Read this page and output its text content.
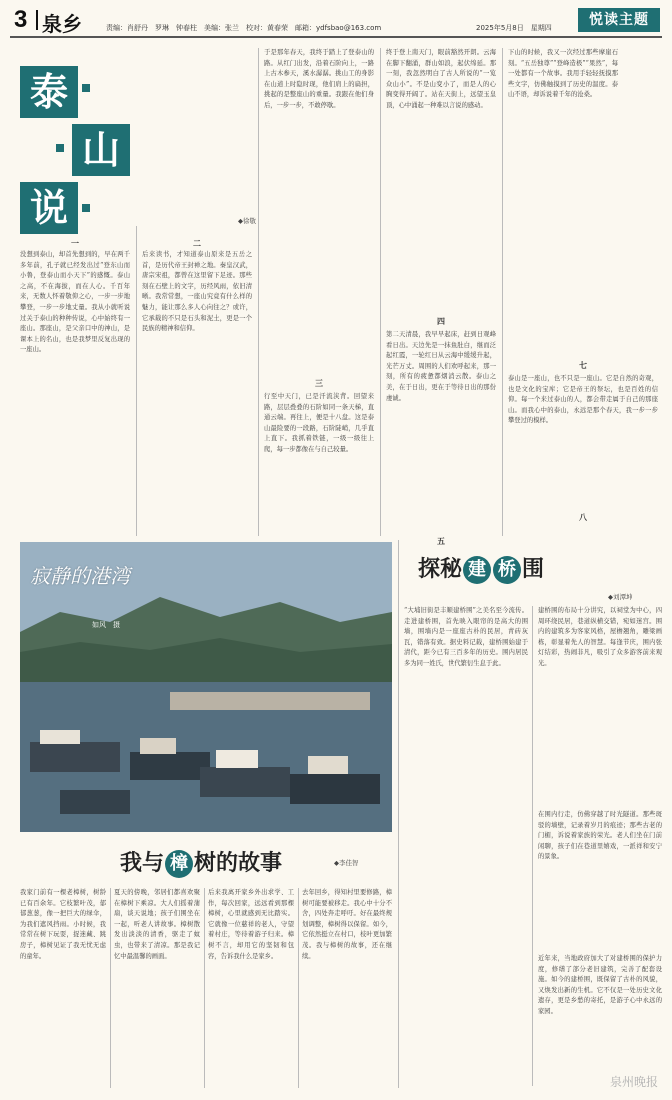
3 泉乡	责编：肖舒丹　罗琳　钟春柱　美编：张兰　校对：黄春荣　邮箱：ydfsbao@163.com	2025年5月8日　星期四	悦读主题
泰
山
说	◆徐敬
一
没想到泰山，却首先想到的，早在两千多年前，孔子就已经发出过“登东山而小鲁，登泰山而小天下”的感慨。泰山之高，不在海拔，而在人心。千百年来，无数人怀着敬仰之心，一步一步地攀登，一步一步地丈量。我从小就听说过关于泰山的种种传说，心中始终有一座山。那座山，是父亲口中的神山，是课本上的名山，也是我梦里反复出现的一座山。
二
后来读书，才知道泰山原来是五岳之首，是历代帝王封禅之地。秦皇汉武，唐宗宋祖，都曾在这里留下足迹。那些刻在石壁上的文字，历经风雨，依旧清晰。我常常想，一座山究竟有什么样的魅力，能让那么多人心向往之？或许，它承载的不只是石头和泥土，更是一个民族的精神和信仰。
于是那年春天，我终于踏上了登泰山的路。从红门出发，沿着石阶向上，一路上古木参天，溪水潺潺。挑山工的身影在山道上时隐时现，他们肩上的扁担，挑起的是整座山的重量。我跟在他们身后，一步一步，不敢停歇。
三
行至中天门，已是汗流浃背。回望来路，层层叠叠的石阶如同一条天梯，直通云端。再往上，便是十八盘。这是泰山最险要的一段路，石阶陡峭，几乎直上直下。我抓着铁链，一级一级往上爬，每一步都像在与自己较量。
终于登上南天门，眼前豁然开朗。云海在脚下翻涌，群山如浪，起伏绵延。那一刻，我忽然明白了古人所说的“一览众山小”。不是山变小了，而是人的心胸变得开阔了。站在天街上，远望玉皇顶，心中涌起一种难以言说的感动。
四
五
第二天清晨，我早早起床，赶到日观峰看日出。天边先是一抹鱼肚白，继而泛起红霞，一轮红日从云海中缓缓升起，光芒万丈。周围的人们欢呼起来，那一刻，所有的疲惫都烟消云散。泰山之美，在于日出，更在于等待日出的那份虔诚。
下山的时候，我又一次经过那些摩崖石刻。“五岳独尊”“登峰造极”“果然”，每一处都有一个故事。我用手轻轻抚摸那些文字，仿佛触摸到了历史的温度。泰山不语，却诉说着千年的沧桑。
七
八
泰山是一座山，也不只是一座山。它是自然的奇观，也是文化的宝库；它是帝王的祭坛，也是百姓的信仰。每一个来过泰山的人，都会带走属于自己的那座山。而我心中的泰山，永远是那个春天，我一步一步攀登过的模样。
寂静的港湾
如风　摄
探秘 建 桥 围
◆刘潭坤
“大埔旧街是丰顺建桥围”之美名至今流传。走进建桥围，首先映入眼帘的是高大的围墙，围墙内是一座座古朴的民居，青砖灰瓦，错落有致。据史料记载，建桥围始建于清代，距今已有三百多年的历史。围内居民多为同一姓氏，世代繁衍生息于此。
建桥围的布局十分讲究，以祠堂为中心，四周环绕民居，巷道纵横交错，宛如迷宫。围内的建筑多为客家风格，屋檐翘角，雕梁画栋，彰显着先人的智慧。每逢节庆，围内张灯结彩，热闹非凡，吸引了众多游客前来观光。
在围内行走，仿佛穿越了时光隧道。那些斑驳的墙壁，记录着岁月的痕迹；那些古老的门楣，诉说着家族的荣光。老人们坐在门前闲聊，孩子们在巷道里嬉戏，一派祥和安宁的景象。
近年来，当地政府加大了对建桥围的保护力度，修缮了部分老旧建筑，完善了配套设施。如今的建桥围，既保留了古朴的风貌，又焕发出新的生机。它不仅是一处历史文化遗存，更是乡愁的寄托，是游子心中永远的家园。
我与 樟 树的故事	◆李佳智
我家门前有一棵老樟树，树龄已有百余年。它枝繁叶茂，郁郁葱葱，像一把巨大的绿伞，为我们遮风挡雨。小时候，我常常在树下玩耍，捉迷藏、跳房子，樟树见证了我无忧无虑的童年。
夏天的傍晚，邻居们都喜欢聚在樟树下乘凉。大人们摇着蒲扇，谈天说地；孩子们围坐在一起，听老人讲故事。樟树散发出淡淡的清香，驱走了蚊虫，也带来了清凉。那是我记忆中最温馨的画面。
后来我离开家乡外出求学、工作，每次回家，远远看到那棵樟树，心里就感到无比踏实。它就像一位慈祥的老人，守望着村庄，等待着游子归来。樟树不言，却用它的坚韧和包容，告诉我什么是家乡。
去年回乡，得知村里要修路，樟树可能要被移走。我心中十分不舍，四处奔走呼吁。好在最终规划调整，樟树得以保留。如今，它依然挺立在村口，枝叶更加繁茂。我与樟树的故事，还在继续。
泉州晚报
